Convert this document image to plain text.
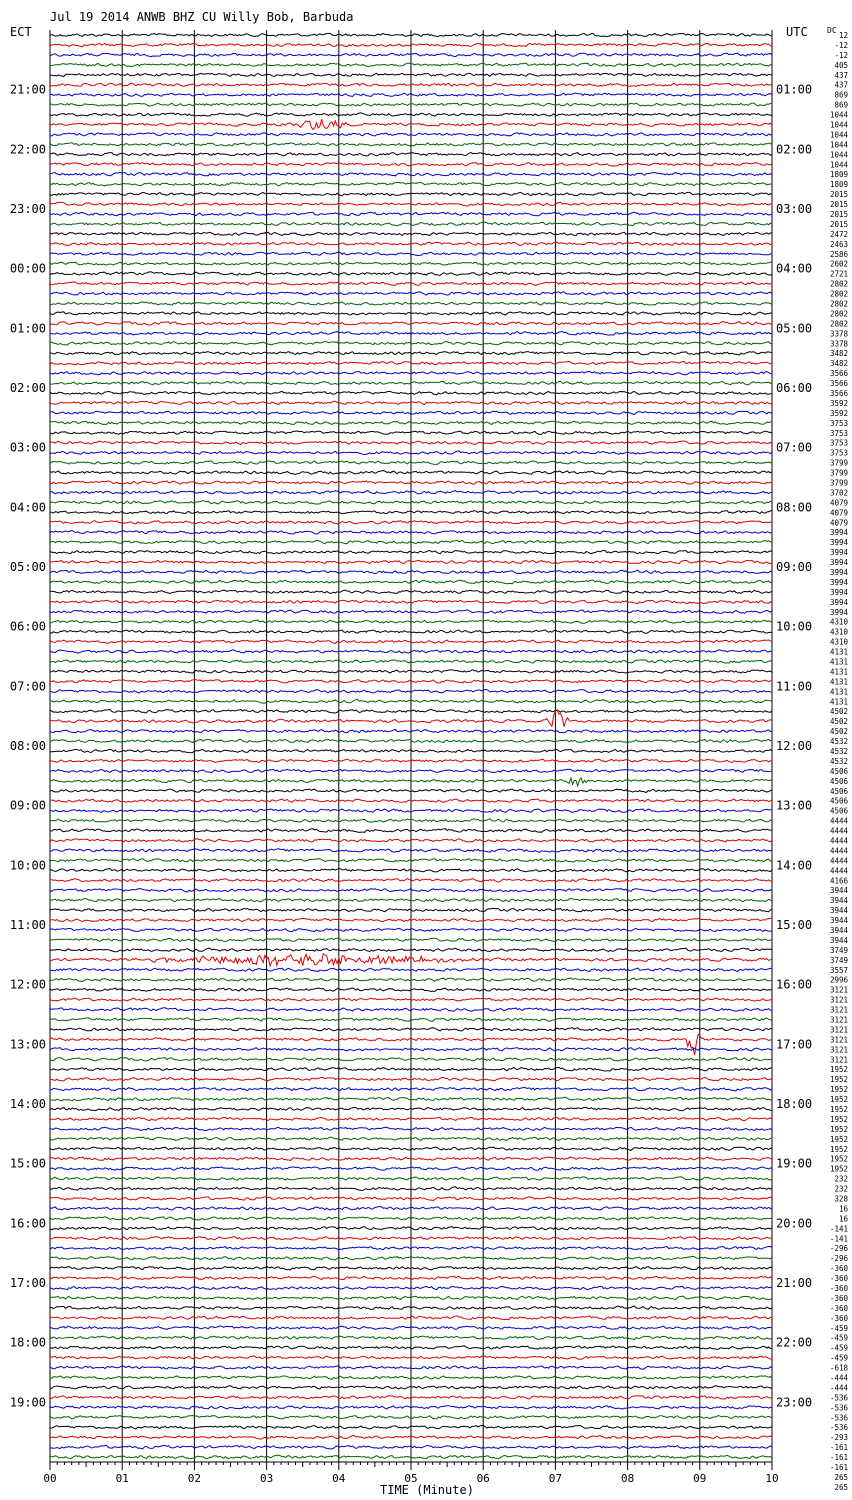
Jul 19 2014 ANWB BHZ CU Willy Bob, Barbuda
ECT	UTC DC
TIME (Minute)
00	01	02	03	04	05	06	07	08	09	10
21:00	01:00
22:00	02:00
23:00	03:00
00:00	04:00
01:00	05:00
02:00	06:00
03:00	07:00
04:00	08:00
05:00	09:00
06:00	10:00
07:00	11:00
08:00	12:00
09:00	13:00
10:00	14:00
11:00	15:00
12:00	16:00
13:00	17:00
14:00	18:00
15:00	19:00
16:00	20:00
17:00	21:00
18:00	22:00
19:00	23:00
12
-12
-12
405
437
437
869
869
1044
1044
1044
1044
1044
1044
1809
1809
2015
2015
2015
2015
2472
2463
2586
2602
2721
2802
2802
2802
2802
2802
3378
3378
3482
3482
3566
3566
3566
3592
3592
3753
3753
3753
3753
3799
3799
3799
3702
4079
4079
4079
3994
3994
3994
3994
3994
3994
3994
3994
3994
4310
4310
4310
4131
4131
4131
4131
4131
4131
4502
4502
4502
4532
4532
4532
4506
4506
4506
4506
4506
4444
4444
4444
4444
4444
4444
4166
3944
3944
3944
3944
3944
3944
3749
3749
3557
2996
3121
3121
3121
3121
3121
3121
3121
3121
1952
1952
1952
1952
1952
1952
1952
1952
1952
1952
1952
232
232
328
16
16
-141
-141
-296
-296
-360
-360
-360
-360
-360
-360
-459
-459
-459
-459
-618
-444
-444
-536
-536
-536
-536
-293
-161
-161
-161
265
265
